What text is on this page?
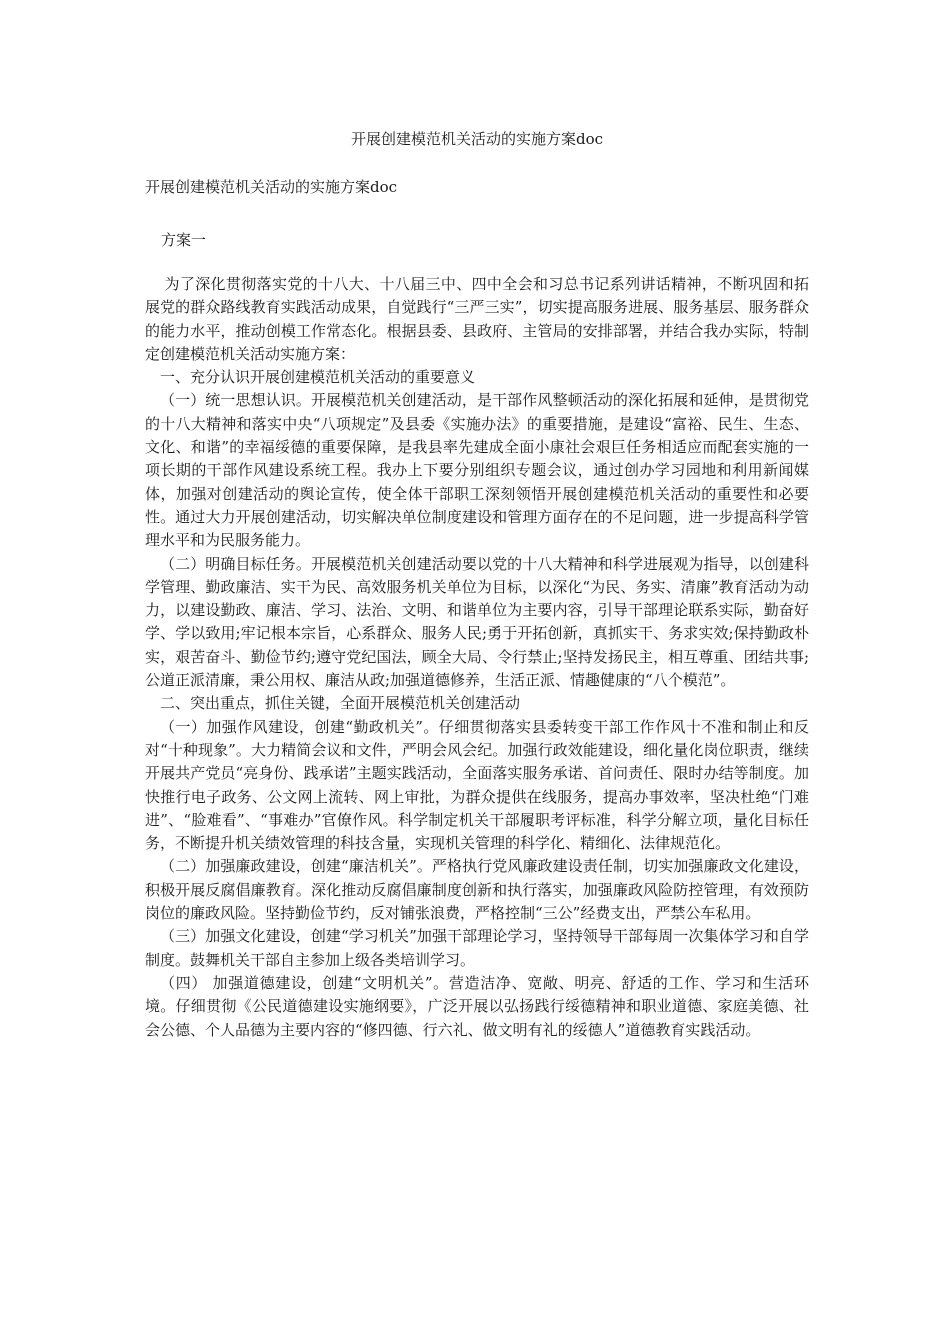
开展创建模范机关活动的实施方案doc
开展创建模范机关活动的实施方案doc
方案一

为了深化贯彻落实党的十八大、十八届三中、四中全会和习总书记系列讲话精神，不断巩固和拓展党的群众路线教育实践活动成果，自觉践行“三严三实”，切实提高服务进展、服务基层、服务群众的能力水平，推动创模工作常态化。根据县委、县政府、主管局的安排部署，并结合我办实际，特制定创建模范机关活动实施方案：

一、充分认识开展创建模范机关活动的重要意义

（一）统一思想认识。开展模范机关创建活动，是干部作风整顿活动的深化拓展和延伸，是贯彻党的十八大精神和落实中央“八项规定”及县委《实施办法》的重要措施，是建设“富裕、民生、生态、文化、和谐”的幸福绥德的重要保障，是我县率先建成全面小康社会艰巨任务相适应而配套实施的一项长期的干部作风建设系统工程。我办上下要分别组织专题会议，通过创办学习园地和利用新闻媒体，加强对创建活动的舆论宣传，使全体干部职工深刻领悟开展创建模范机关活动的重要性和必要性。通过大力开展创建活动，切实解决单位制度建设和管理方面存在的不足问题，进一步提高科学管理水平和为民服务能力。

（二）明确目标任务。开展模范机关创建活动要以党的十八大精神和科学进展观为指导，以创建科学管理、勤政廉洁、实干为民、高效服务机关单位为目标，以深化“为民、务实、清廉”教育活动为动力，以建设勤政、廉洁、学习、法治、文明、和谐单位为主要内容，引导干部理论联系实际，勤奋好学、学以致用;牢记根本宗旨，心系群众、服务人民;勇于开拓创新，真抓实干、务求实效;保持勤政朴实，艰苦奋斗、勤俭节约;遵守党纪国法，顾全大局、令行禁止;坚持发扬民主，相互尊重、团结共事;公道正派清廉，秉公用权、廉洁从政;加强道德修养，生活正派、情趣健康的“八个模范”。

二、突出重点，抓住关键，全面开展模范机关创建活动

（一）加强作风建设，创建“勤政机关”。仔细贯彻落实县委转变干部工作作风十不准和制止和反对“十种现象”。大力精简会议和文件，严明会风会纪。加强行政效能建设，细化量化岗位职责，继续开展共产党员“亮身份、践承诺”主题实践活动，全面落实服务承诺、首问责任、限时办结等制度。加快推行电子政务、公文网上流转、网上审批，为群众提供在线服务，提高办事效率，坚决杜绝“门难进”、“脸难看”、“事难办”官僚作风。科学制定机关干部履职考评标准，科学分解立项，量化目标任务，不断提升机关绩效管理的科技含量，实现机关管理的科学化、精细化、法律规范化。

（二）加强廉政建设，创建“廉洁机关”。严格执行党风廉政建设责任制，切实加强廉政文化建设，积极开展反腐倡廉教育。深化推动反腐倡廉制度创新和执行落实，加强廉政风险防控管理，有效预防岗位的廉政风险。坚持勤俭节约，反对铺张浪费，严格控制“三公”经费支出，严禁公车私用。

（三）加强文化建设，创建“学习机关”加强干部理论学习，坚持领导干部每周一次集体学习和自学制度。鼓舞机关干部自主参加上级各类培训学习。

（四） 加强道德建设，创建“文明机关”。营造洁净、宽敞、明亮、舒适的工作、学习和生活环境。仔细贯彻《公民道德建设实施纲要》，广泛开展以弘扬践行绥德精神和职业道德、家庭美德、社会公德、个人品德为主要内容的“修四德、行六礼、做文明有礼的绥德人”道德教育实践活动。
